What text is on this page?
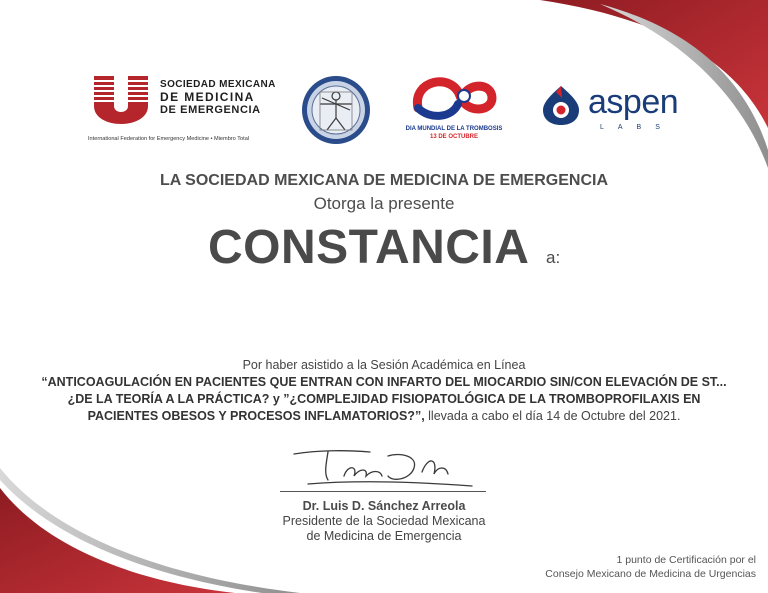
SOCIEDAD MEXICANA
DE MEDICINA
DE EMERGENCIA
International Federation for Emergency Medicine • Miembro Total
DIA MUNDIAL DE LA TROMBOSIS
13 DE OCTUBRE
aspen
LABS
LA SOCIEDAD MEXICANA DE MEDICINA DE EMERGENCIA
Otorga la presente
CONSTANCIA a:
Por haber asistido a la Sesión Académica en Línea
“ANTICOAGULACIÓN EN PACIENTES QUE ENTRAN CON INFARTO DEL MIOCARDIO SIN/CON ELEVACIÓN DE ST... ¿DE LA TEORÍA A LA PRÁCTICA? y ”¿COMPLEJIDAD FISIOPATOLÓGICA DE LA TROMBOPROFILAXIS EN PACIENTES OBESOS Y PROCESOS INFLAMATORIOS?”, llevada a cabo el día 14 de Octubre del 2021.
Dr. Luis D. Sánchez Arreola
Presidente de la Sociedad Mexicana
de Medicina de Emergencia
1 punto de Certificación por el
Consejo Mexicano de Medicina de Urgencias
